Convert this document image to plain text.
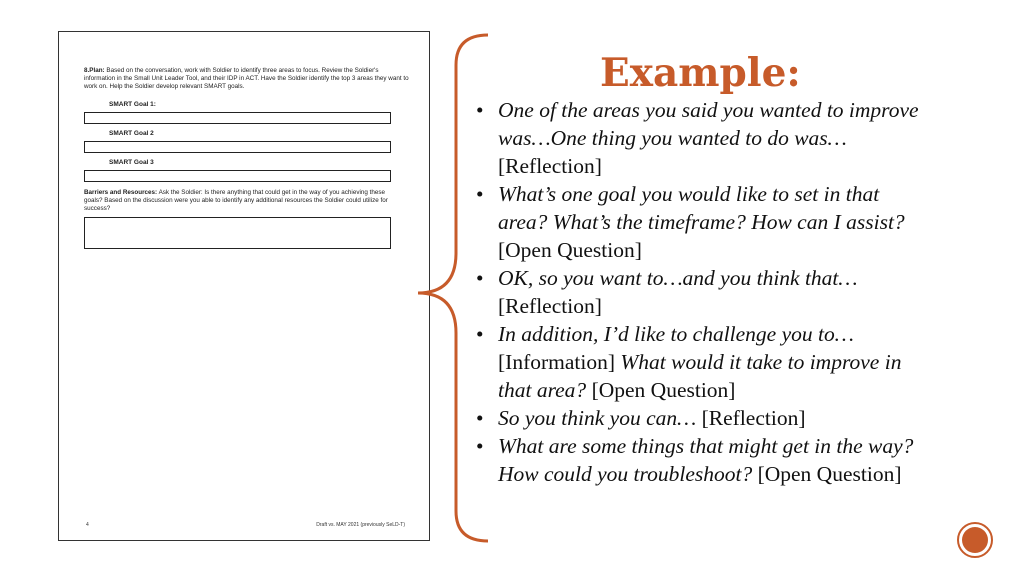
8.Plan: Based on the conversation, work with Soldier to identify three areas to focus. Review the Soldier's information in the Small Unit Leader Tool, and their IDP in ACT. Have the Soldier identify the top 3 areas they want to work on. Help the Soldier develop relevant SMART goals.
SMART Goal 1:
SMART Goal 2
SMART Goal 3
Barriers and Resources: Ask the Soldier: Is there anything that could get in the way of you achieving these goals? Based on the discussion were you able to identify any additional resources the Soldier could utilize for success?
4	Draft vs. MAY 2021 (previously SeLD-T)
Example:
• One of the areas you said you wanted to improve was…One thing you wanted to do was… [Reflection]
• What’s one goal you would like to set in that area? What’s the timeframe? How can I assist? [Open Question]
• OK, so you want to…and you think that… [Reflection]
• In addition, I’d like to challenge you to… [Information] What would it take to improve in that area? [Open Question]
• So you think you can… [Reflection]
• What are some things that might get in the way? How could you troubleshoot? [Open Question]
